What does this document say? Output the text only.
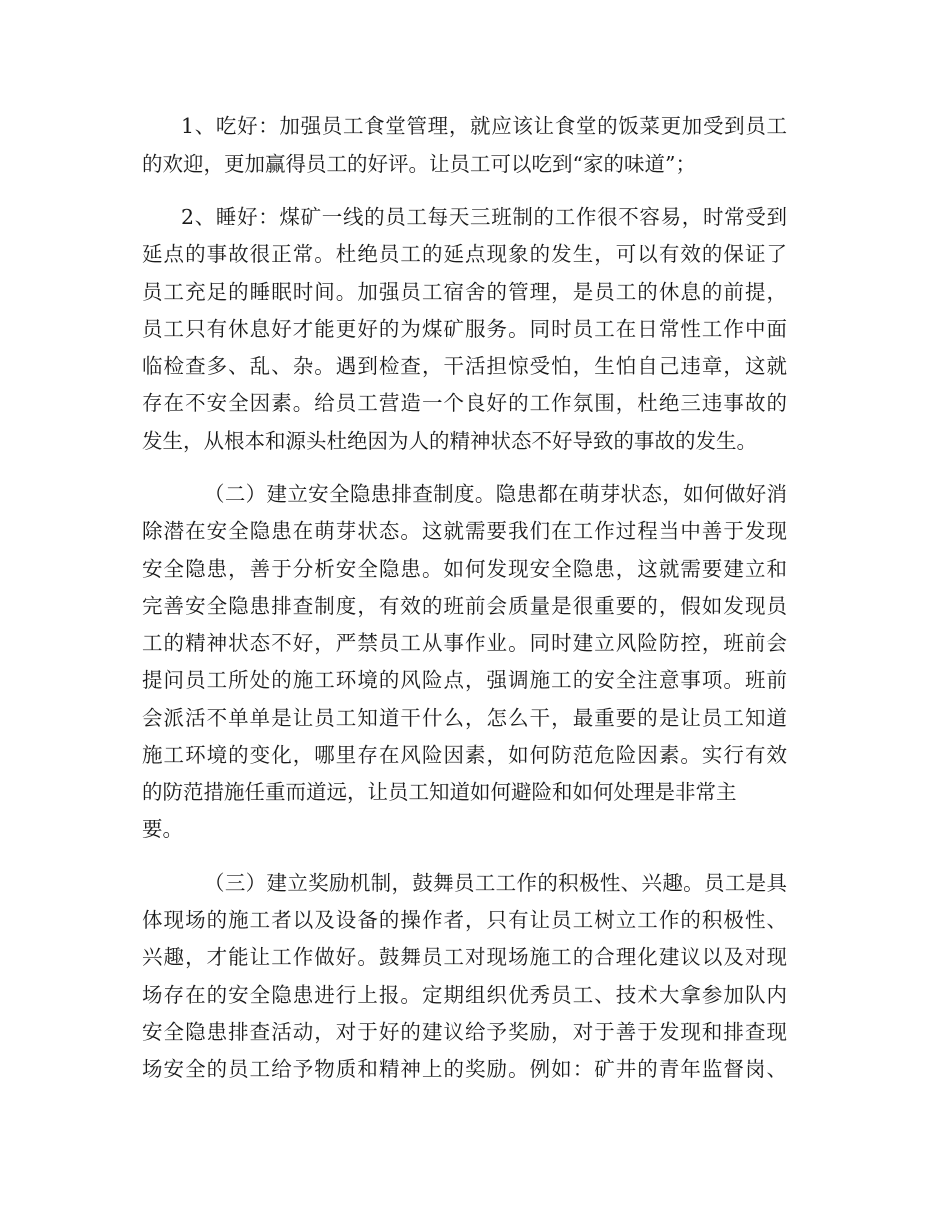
1、吃好：加强员工食堂管理，就应该让食堂的饭菜更加受到员工
的欢迎，更加赢得员工的好评。让员工可以吃到“家的味道”；
2、睡好：煤矿一线的员工每天三班制的工作很不容易，时常受到
延点的事故很正常。杜绝员工的延点现象的发生，可以有效的保证了
员工充足的睡眠时间。加强员工宿舍的管理，是员工的休息的前提，
员工只有休息好才能更好的为煤矿服务。同时员工在日常性工作中面
临检查多、乱、杂。遇到检查，干活担惊受怕，生怕自己违章，这就
存在不安全因素。给员工营造一个良好的工作氛围，杜绝三违事故的
发生，从根本和源头杜绝因为人的精神状态不好导致的事故的发生。
（二）建立安全隐患排查制度。隐患都在萌芽状态，如何做好消
除潜在安全隐患在萌芽状态。这就需要我们在工作过程当中善于发现
安全隐患，善于分析安全隐患。如何发现安全隐患，这就需要建立和
完善安全隐患排查制度，有效的班前会质量是很重要的，假如发现员
工的精神状态不好，严禁员工从事作业。同时建立风险防控，班前会
提问员工所处的施工环境的风险点，强调施工的安全注意事项。班前
会派活不单单是让员工知道干什么，怎么干，最重要的是让员工知道
施工环境的变化，哪里存在风险因素，如何防范危险因素。实行有效
的防范措施任重而道远，让员工知道如何避险和如何处理是非常主
要。
（三）建立奖励机制，鼓舞员工工作的积极性、兴趣。员工是具
体现场的施工者以及设备的操作者，只有让员工树立工作的积极性、
兴趣，才能让工作做好。鼓舞员工对现场施工的合理化建议以及对现
场存在的安全隐患进行上报。定期组织优秀员工、技术大拿参加队内
安全隐患排查活动，对于好的建议给予奖励，对于善于发现和排查现
场安全的员工给予物质和精神上的奖励。例如：矿井的青年监督岗、
